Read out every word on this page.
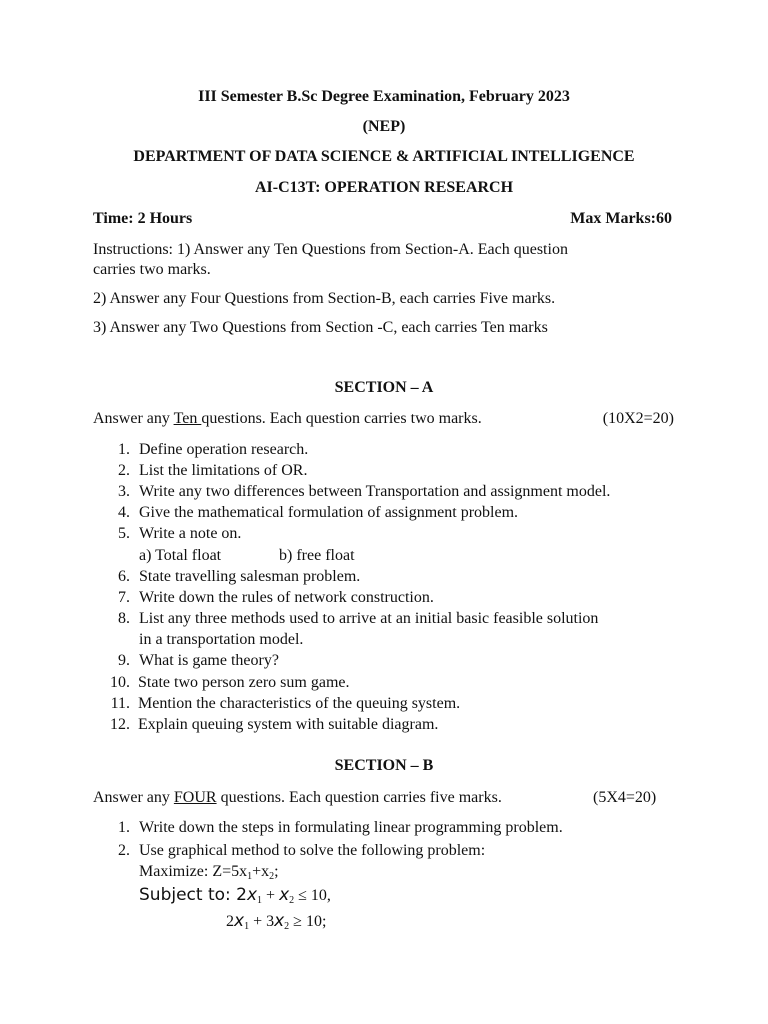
III Semester B.Sc Degree Examination, February 2023
(NEP)
DEPARTMENT OF DATA SCIENCE & ARTIFICIAL INTELLIGENCE
AI-C13T: OPERATION RESEARCH
Time: 2 Hours	Max Marks:60
Instructions: 1) Answer any Ten Questions from Section-A. Each question
carries two marks.
2) Answer any Four Questions from Section-B, each carries Five marks.
3) Answer any Two Questions from Section -C, each carries Ten marks
SECTION – A
Answer any Ten questions. Each question carries two marks.	(10X2=20)
1. Define operation research.
2. List the limitations of OR.
3. Write any two differences between Transportation and assignment model.
4. Give the mathematical formulation of assignment problem.
5. Write a note on.
a) Total float	b) free float
6. State travelling salesman problem.
7. Write down the rules of network construction.
8. List any three methods used to arrive at an initial basic feasible solution
in a transportation model.
9. What is game theory?
10. State two person zero sum game.
11. Mention the characteristics of the queuing system.
12. Explain queuing system with suitable diagram.
SECTION – B
Answer any FOUR questions. Each question carries five marks.	(5X4=20)
1. Write down the steps in formulating linear programming problem.
2. Use graphical method to solve the following problem:
Maximize: $Z=5x_1+x_2$;
Subject to: $2x_1 + x_2 \le 10$,
$2x_1 + 3x_2 \ge 10$;
